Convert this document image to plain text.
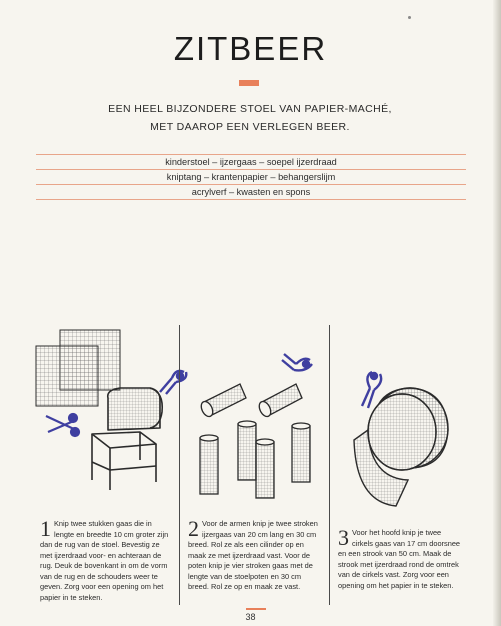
ZITBEER
EEN HEEL BIJZONDERE STOEL VAN PAPIER-MACHÉ,
MET DAAROP EEN VERLEGEN BEER.
kinderstoel – ijzergaas – soepel ijzerdraad
kniptang – krantenpapier – behangerslijm
acrylverf – kwasten en spons
1 Knip twee stukken gaas die in lengte en breedte 10 cm groter zijn dan de rug van de stoel. Bevestig ze met ijzerdraad voor- en achteraan de rug. Deuk de bovenkant in om de vorm van de rug en de schouders weer te geven. Zorg voor een opening om het papier in te steken.
2 Voor de armen knip je twee stroken ijzergaas van 20 cm lang en 30 cm breed. Rol ze als een cilinder op en maak ze met ijzerdraad vast. Voor de poten knip je vier stroken gaas met de lengte van de stoelpoten en 30 cm breed. Rol ze op en maak ze vast.
3 Voor het hoofd knip je twee cirkels gaas van 17 cm doorsnee en een strook van 50 cm. Maak de strook met ijzerdraad rond de omtrek van de cirkels vast. Zorg voor een opening om het papier in te steken.
38
